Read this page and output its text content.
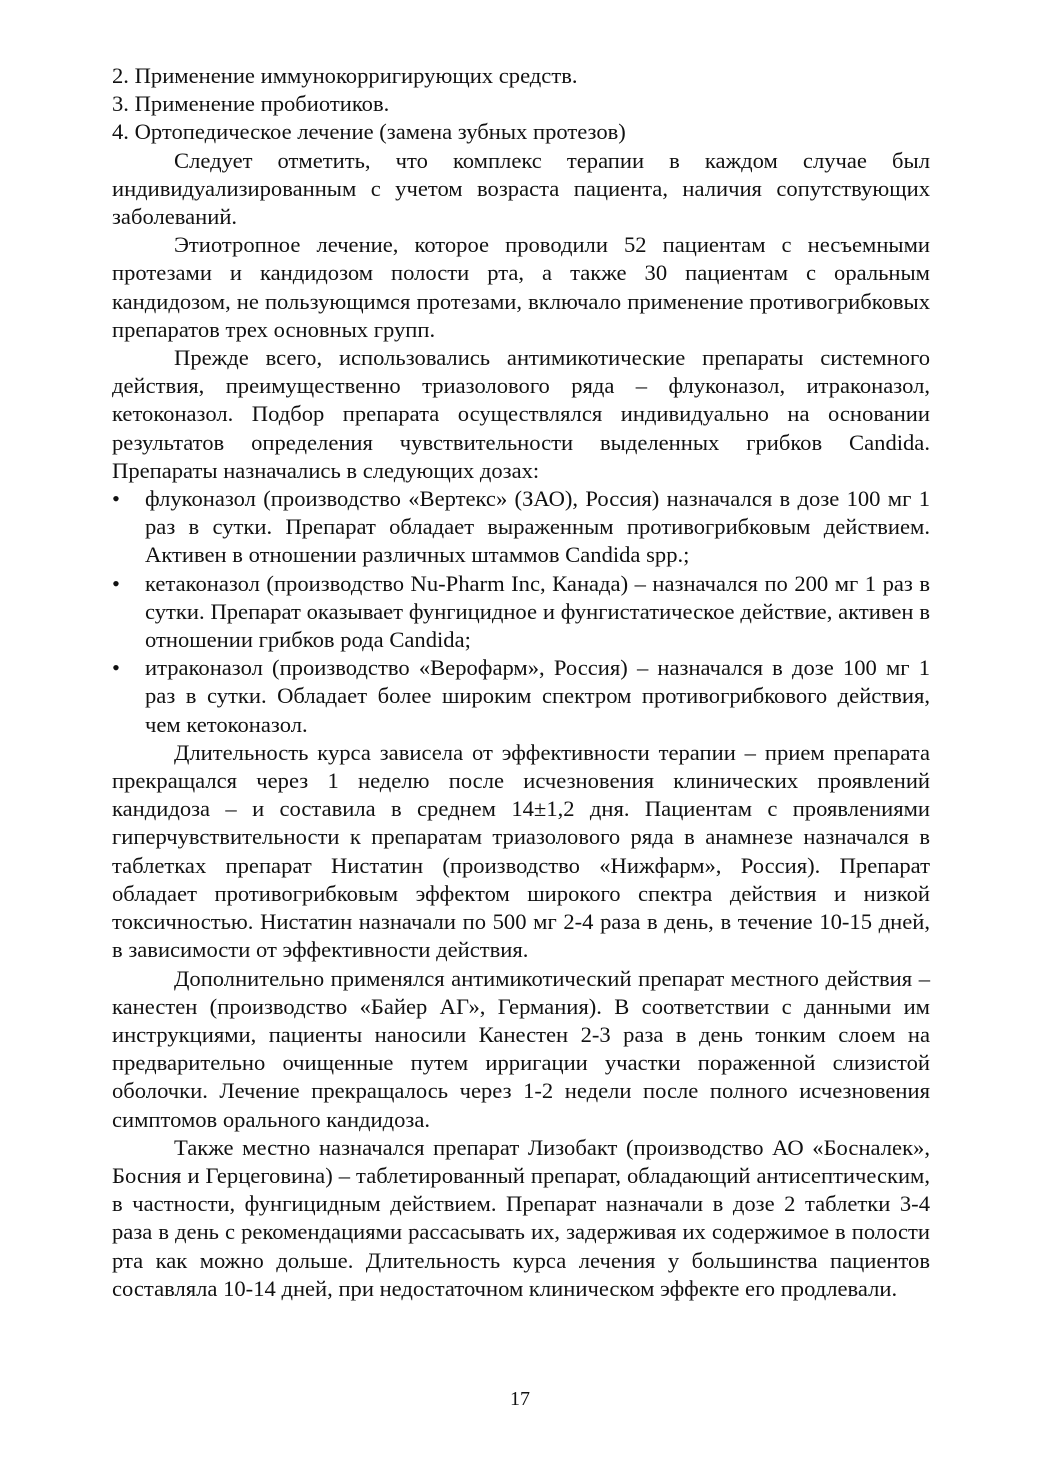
2. Применение иммунокорригирующих средств.

3. Применение пробиотиков.

4. Ортопедическое лечение (замена зубных протезов)

Следует отметить, что комплекс терапии в каждом случае был индивидуализированным с учетом возраста пациента, наличия сопутствующих заболеваний.

Этиотропное лечение, которое проводили 52 пациентам с несъемными протезами и кандидозом полости рта, а также 30 пациентам с оральным кандидозом, не пользующимся протезами, включало применение противогрибковых препаратов трех основных групп.

Прежде всего, использовались антимикотические препараты системного действия, преимущественно триазолового ряда – флуконазол, итраконазол, кетоконазол. Подбор препарата осуществлялся индивидуально на основании результатов определения чувствительности выделенных грибков Candida. Препараты назначались в следующих дозах:

• флуконазол (производство «Вертекс» (ЗАО), Россия) назначался в дозе 100 мг 1 раз в сутки. Препарат обладает выраженным противогрибковым действием. Активен в отношении различных штаммов Candida spp.;
• кетаконазол (производство Nu-Pharm Inc, Канада) – назначался по 200 мг 1 раз в сутки. Препарат оказывает фунгицидное и фунгистатическое действие, активен в отношении грибков рода Candida;
• итраконазол (производство «Верофарм», Россия) – назначался в дозе 100 мг 1 раз в сутки. Обладает более широким спектром противогрибкового действия, чем кетоконазол.

Длительность курса зависела от эффективности терапии – прием препарата прекращался через 1 неделю после исчезновения клинических проявлений кандидоза – и составила в среднем 14±1,2 дня. Пациентам с проявлениями гиперчувствительности к препаратам триазолового ряда в анамнезе назначался в таблетках препарат Нистатин (производство «Нижфарм», Россия). Препарат обладает противогрибковым эффектом широкого спектра действия и низкой токсичностью. Нистатин назначали по 500 мг 2-4 раза в день, в течение 10-15 дней, в зависимости от эффективности действия.

Дополнительно применялся антимикотический препарат местного действия – канестен (производство «Байер АГ», Германия). В соответствии с данными им инструкциями, пациенты наносили Канестен 2-3 раза в день тонким слоем на предварительно очищенные путем ирригации участки пораженной слизистой оболочки. Лечение прекращалось через 1-2 недели после полного исчезновения симптомов орального кандидоза.

Также местно назначался препарат Лизобакт (производство АО «Босналек», Босния и Герцеговина) – таблетированный препарат, обладающий антисептическим, в частности, фунгицидным действием. Препарат назначали в дозе 2 таблетки 3-4 раза в день с рекомендациями рассасывать их, задерживая их содержимое в полости рта как можно дольше. Длительность курса лечения у большинства пациентов составляла 10-14 дней, при недостаточном клиническом эффекте его продлевали.

17
